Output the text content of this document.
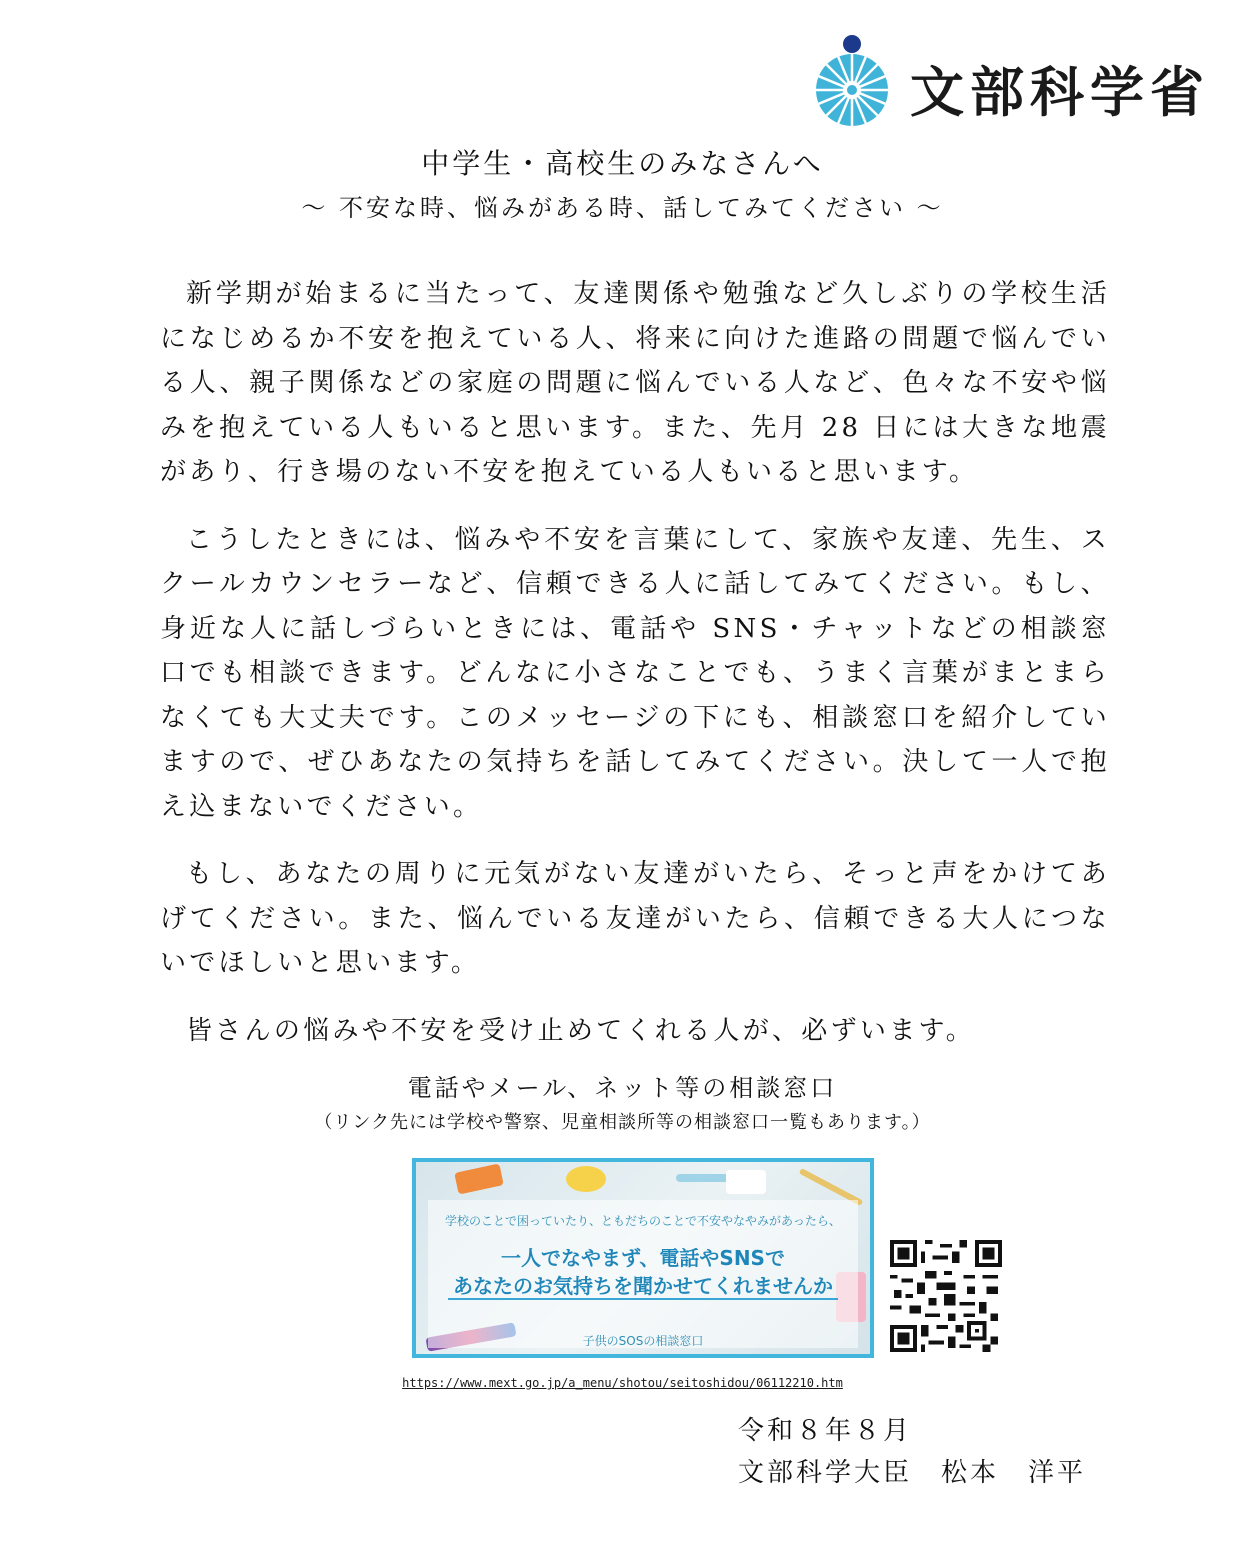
文部科学省
中学生・高校生のみなさんへ
～ 不安な時、悩みがある時、話してみてください ～

新学期が始まるに当たって、友達関係や勉強など久しぶりの学校生活になじめるか不安を抱えている人、将来に向けた進路の問題で悩んでいる人、親子関係などの家庭の問題に悩んでいる人など、色々な不安や悩みを抱えている人もいると思います。また、先月 28 日には大きな地震があり、行き場のない不安を抱えている人もいると思います。

こうしたときには、悩みや不安を言葉にして、家族や友達、先生、スクールカウンセラーなど、信頼できる人に話してみてください。もし、身近な人に話しづらいときには、電話や SNS・チャットなどの相談窓口でも相談できます。どんなに小さなことでも、うまく言葉がまとまらなくても大丈夫です。このメッセージの下にも、相談窓口を紹介していますので、ぜひあなたの気持ちを話してみてください。決して一人で抱え込まないでください。

もし、あなたの周りに元気がない友達がいたら、そっと声をかけてあげてください。また、悩んでいる友達がいたら、信頼できる大人につないでほしいと思います。

皆さんの悩みや不安を受け止めてくれる人が、必ずいます。

電話やメール、ネット等の相談窓口
（リンク先には学校や警察、児童相談所等の相談窓口一覧もあります。）
学校のことで困っていたり、ともだちのことで不安やなやみがあったら、
一人でなやまず、電話やSNSで
あなたのお気持ちを聞かせてくれませんか
子供のSOSの相談窓口
https://www.mext.go.jp/a_menu/shotou/seitoshidou/06112210.htm
令和８年８月
文部科学大臣　松本　洋平
